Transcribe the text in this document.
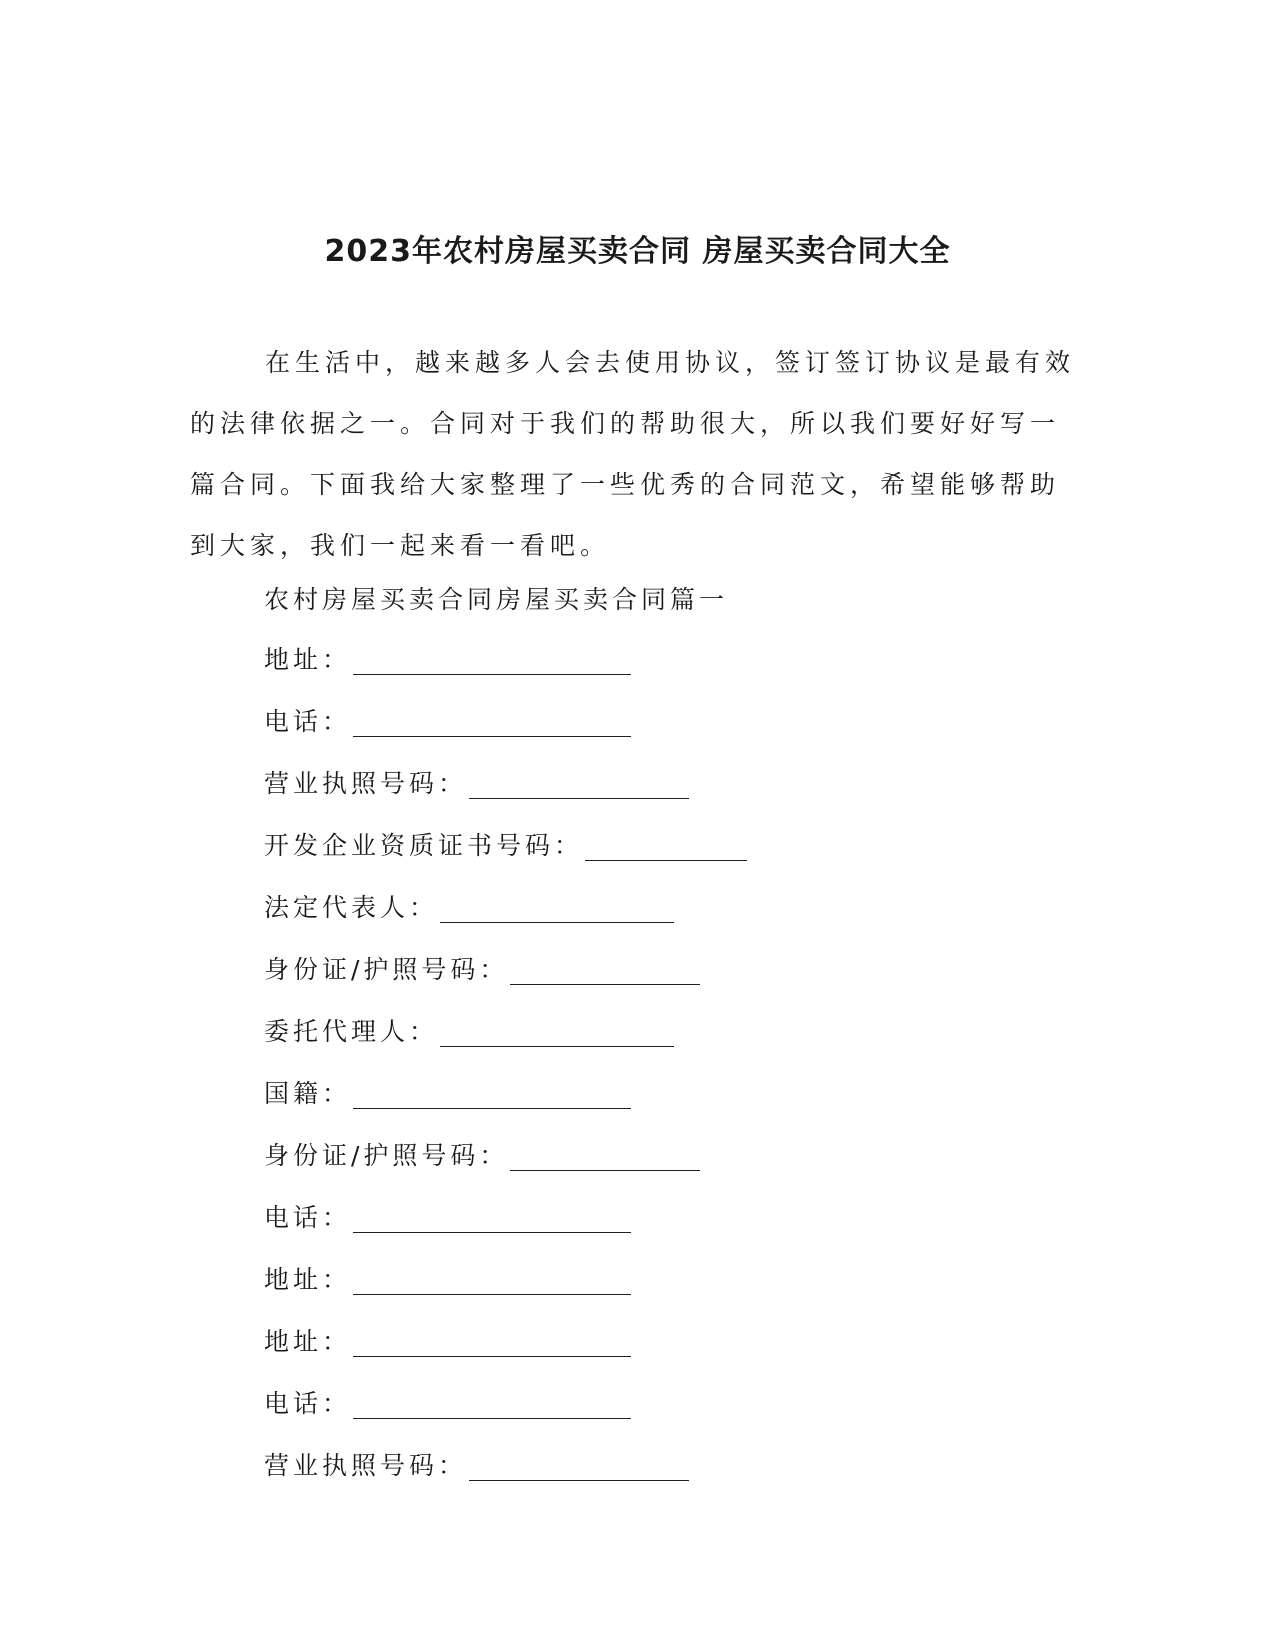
2023年农村房屋买卖合同 房屋买卖合同大全

在生活中，越来越多人会去使用协议，签订签订协议是最有效的法律依据之一。合同对于我们的帮助很大，所以我们要好好写一篇合同。下面我给大家整理了一些优秀的合同范文，希望能够帮助到大家，我们一起来看一看吧。

农村房屋买卖合同房屋买卖合同篇一

地址：
电话：
营业执照号码：
开发企业资质证书号码：
法定代表人：
身份证/护照号码：
委托代理人：
国籍：
身份证/护照号码：
电话：
地址：
地址：
电话：
营业执照号码：
